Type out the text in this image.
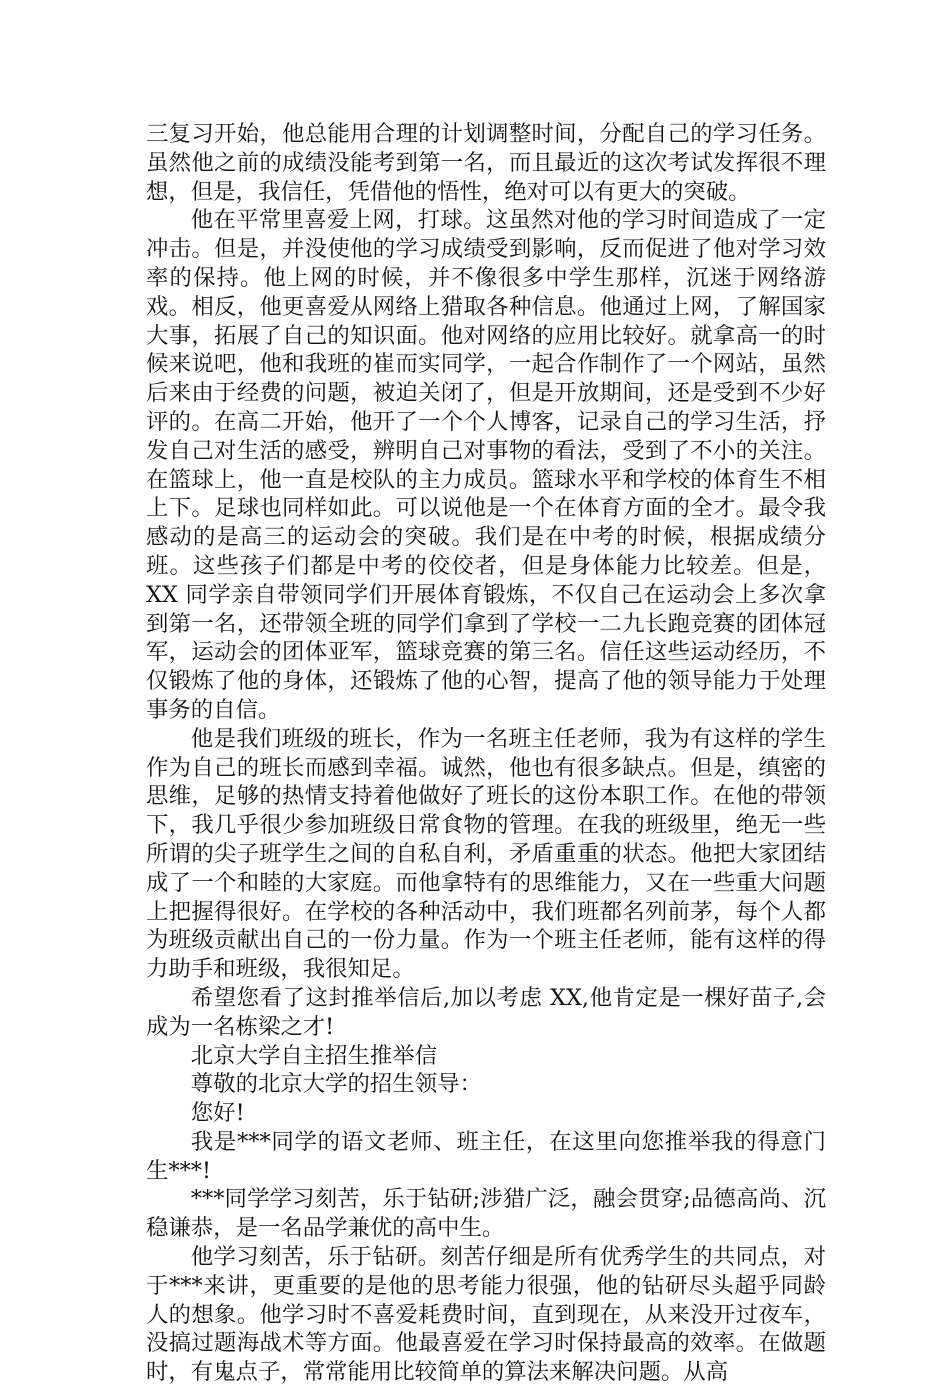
三复习开始，他总能用合理的计划调整时间，分配自己的学习任务。虽然他之前的成绩没能考到第一名，而且最近的这次考试发挥很不理想，但是，我信任，凭借他的悟性，绝对可以有更大的突破。

他在平常里喜爱上网，打球。这虽然对他的学习时间造成了一定冲击。但是，并没使他的学习成绩受到影响，反而促进了他对学习效率的保持。他上网的时候，并不像很多中学生那样，沉迷于网络游戏。相反，他更喜爱从网络上猎取各种信息。他通过上网，了解国家大事，拓展了自己的知识面。他对网络的应用比较好。就拿高一的时候来说吧，他和我班的崔而实同学，一起合作制作了一个网站，虽然后来由于经费的问题，被迫关闭了，但是开放期间，还是受到不少好评的。在高二开始，他开了一个个人博客，记录自己的学习生活，抒发自己对生活的感受，辨明自己对事物的看法，受到了不小的关注。在篮球上，他一直是校队的主力成员。篮球水平和学校的体育生不相上下。足球也同样如此。可以说他是一个在体育方面的全才。最令我感动的是高三的运动会的突破。我们是在中考的时候，根据成绩分班。这些孩子们都是中考的佼佼者，但是身体能力比较差。但是，XX 同学亲自带领同学们开展体育锻炼，不仅自己在运动会上多次拿到第一名，还带领全班的同学们拿到了学校一二九长跑竞赛的团体冠军，运动会的团体亚军，篮球竞赛的第三名。信任这些运动经历，不仅锻炼了他的身体，还锻炼了他的心智，提高了他的领导能力于处理事务的自信。

他是我们班级的班长，作为一名班主任老师，我为有这样的学生作为自己的班长而感到幸福。诚然，他也有很多缺点。但是，缜密的思维，足够的热情支持着他做好了班长的这份本职工作。在他的带领下，我几乎很少参加班级日常食物的管理。在我的班级里，绝无一些所谓的尖子班学生之间的自私自利，矛盾重重的状态。他把大家团结成了一个和睦的大家庭。而他拿特有的思维能力，又在一些重大问题上把握得很好。在学校的各种活动中，我们班都名列前茅，每个人都为班级贡献出自己的一份力量。作为一个班主任老师，能有这样的得力助手和班级，我很知足。

希望您看了这封推举信后,加以考虑 XX,他肯定是一棵好苗子,会成为一名栋梁之才!

北京大学自主招生推举信

尊敬的北京大学的招生领导：

您好!

我是***同学的语文老师、班主任，在这里向您推举我的得意门生***!

***同学学习刻苦，乐于钻研;涉猎广泛，融会贯穿;品德高尚、沉稳谦恭，是一名品学兼优的高中生。

他学习刻苦，乐于钻研。刻苦仔细是所有优秀学生的共同点，对于***来讲，更重要的是他的思考能力很强，他的钻研尽头超乎同龄人的想象。他学习时不喜爱耗费时间，直到现在，从来没开过夜车，没搞过题海战术等方面。他最喜爱在学习时保持最高的效率。在做题时，有鬼点子，常常能用比较简单的算法来解决问题。从高
